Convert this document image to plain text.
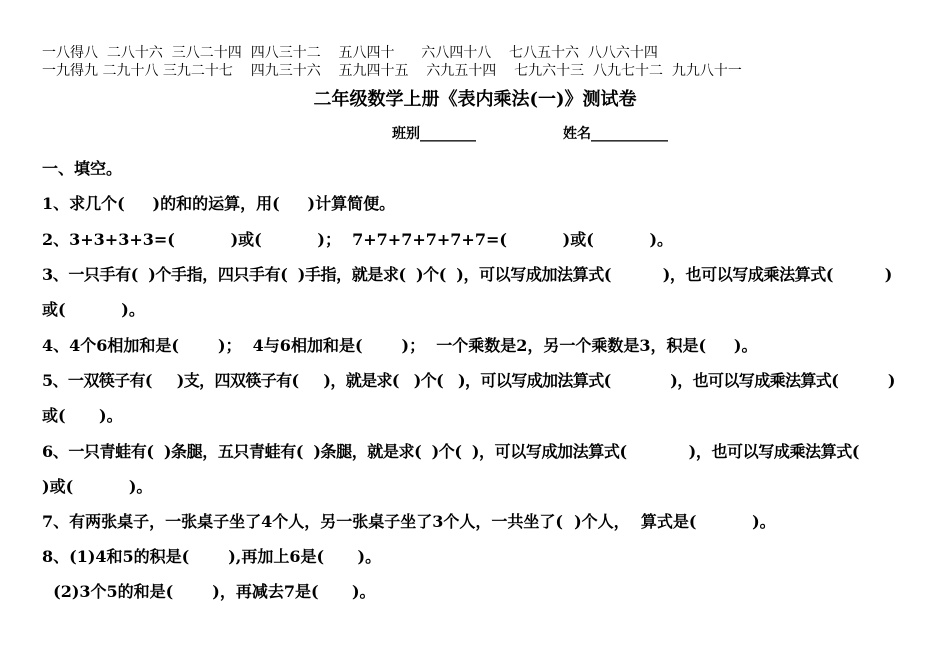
一八得八  二八十六  三八二十四  四八三十二    五八四十      六八四十八    七八五十六  八八六十四
一九得九 二九十八 三九二十七    四九三十六    五九四十五    六九五十四    七九六十三  八九七十二  九九八十一
二年级数学上册《表内乘法(一)》测试卷
班别________	姓名___________
一、填空。
1、求几个(     )的和的运算，用(     )计算简便。
2、3+3+3+3=(          )或(          )；  7+7+7+7+7+7=(          )或(          )。
3、一只手有(  )个手指，四只手有(  )手指，就是求(  )个(  )，可以写成加法算式(          )，也可以写成乘法算式(          )
或(          )。
4、4个6相加和是(       )；  4与6相加和是(       )；  一个乘数是2，另一个乘数是3，积是(     )。
5、一双筷子有(     )支，四双筷子有(     )，就是求(   )个(   )，可以写成加法算式(            )，也可以写成乘法算式(          )
或(      )。
6、一只青蛙有(  )条腿，五只青蛙有(  )条腿，就是求(  )个(  )，可以写成加法算式(            )，也可以写成乘法算式(
)或(          )。
7、有两张桌子，一张桌子坐了4个人，另一张桌子坐了3个人，一共坐了(  )个人，  算式是(          )。
8、(1)4和5的积是(       ),再加上6是(      )。
(2)3个5的和是(       )，再减去7是(      )。
